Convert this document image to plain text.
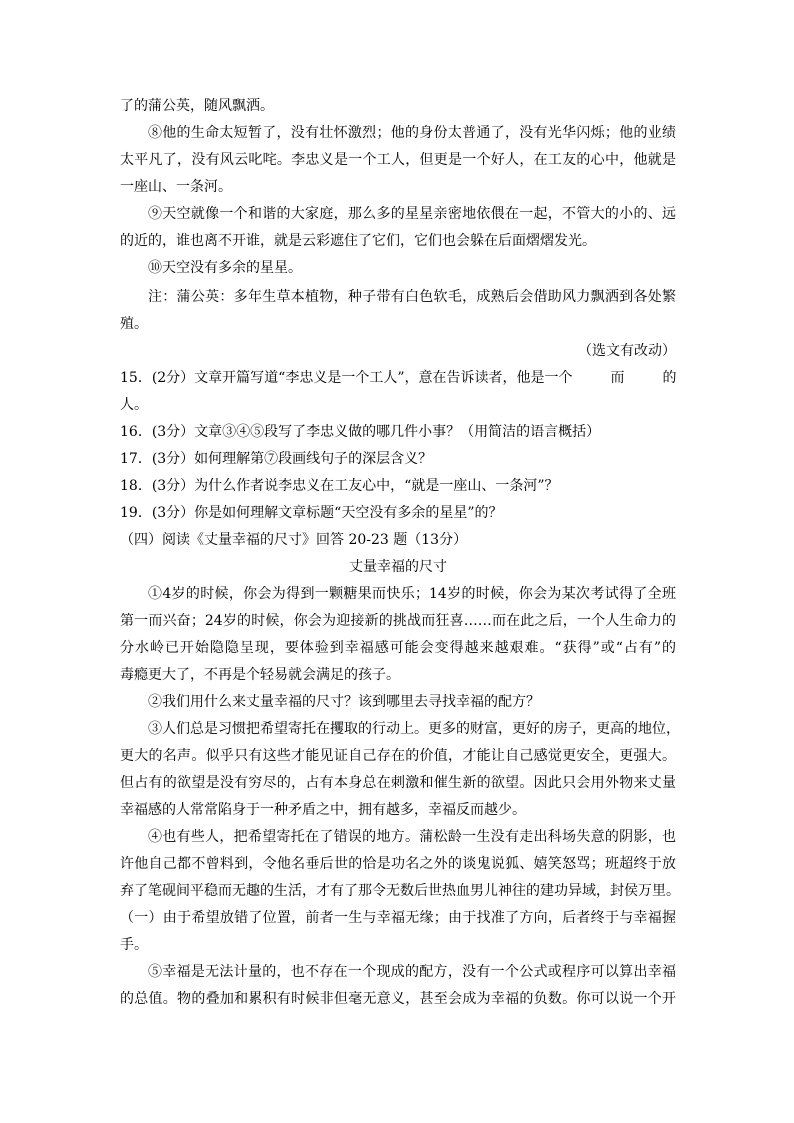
了的蒲公英，随风飘洒。
⑧他的生命太短暂了，没有壮怀激烈；他的身份太普通了，没有光华闪烁；他的业绩
太平凡了，没有风云叱咤。李忠义是一个工人，但更是一个好人，在工友的心中，他就是
一座山、一条河。
⑨天空就像一个和谐的大家庭，那么多的星星亲密地依偎在一起，不管大的小的、远
的近的，谁也离不开谁，就是云彩遮住了它们，它们也会躲在后面熠熠发光。
⑩天空没有多余的星星。
注：蒲公英：多年生草本植物，种子带有白色软毛，成熟后会借助风力飘洒到各处繁
殖。
（选文有改动）
15．(2分）文章开篇写道“李忠义是一个工人”，意在告诉读者，他是一个	而	的
人。
16．(3分）文章③④⑤段写了李忠义做的哪几件小事？（用简洁的语言概括）
17．(3分）如何理解第⑦段画线句子的深层含义？
18．(3分）为什么作者说李忠义在工友心中，“就是一座山、一条河”？
19．(3分）你是如何理解文章标题“天空没有多余的星星”的？
（四）阅读《丈量幸福的尺寸》回答 20-23 题（13分）
丈量幸福的尺寸
①4岁的时候，你会为得到一颗糖果而快乐；14岁的时候，你会为某次考试得了全班
第一而兴奋；24岁的时候，你会为迎接新的挑战而狂喜……而在此之后，一个人生命力的
分水岭已开始隐隐呈现，要体验到幸福感可能会变得越来越艰难。“获得”或“占有”的
毒瘾更大了，不再是个轻易就会满足的孩子。
②我们用什么来丈量幸福的尺寸？该到哪里去寻找幸福的配方？
③人们总是习惯把希望寄托在攫取的行动上。更多的财富，更好的房子，更高的地位，
更大的名声。似乎只有这些才能见证自己存在的价值，才能让自己感觉更安全，更强大。
但占有的欲望是没有穷尽的，占有本身总在刺激和催生新的欲望。因此只会用外物来丈量
幸福感的人常常陷身于一种矛盾之中，拥有越多，幸福反而越少。
④也有些人，把希望寄托在了错误的地方。蒲松龄一生没有走出科场失意的阴影，也
许他自己都不曾料到，令他名垂后世的恰是功名之外的谈鬼说狐、嬉笑怒骂；班超终于放
弃了笔砚间平稳而无趣的生活，才有了那令无数后世热血男儿神往的建功异域，封侯万里。
（一）由于希望放错了位置，前者一生与幸福无缘；由于找准了方向，后者终于与幸福握
手。
⑤幸福是无法计量的，也不存在一个现成的配方，没有一个公式或程序可以算出幸福
的总值。物的叠加和累积有时候非但毫无意义，甚至会成为幸福的负数。你可以说一个开
